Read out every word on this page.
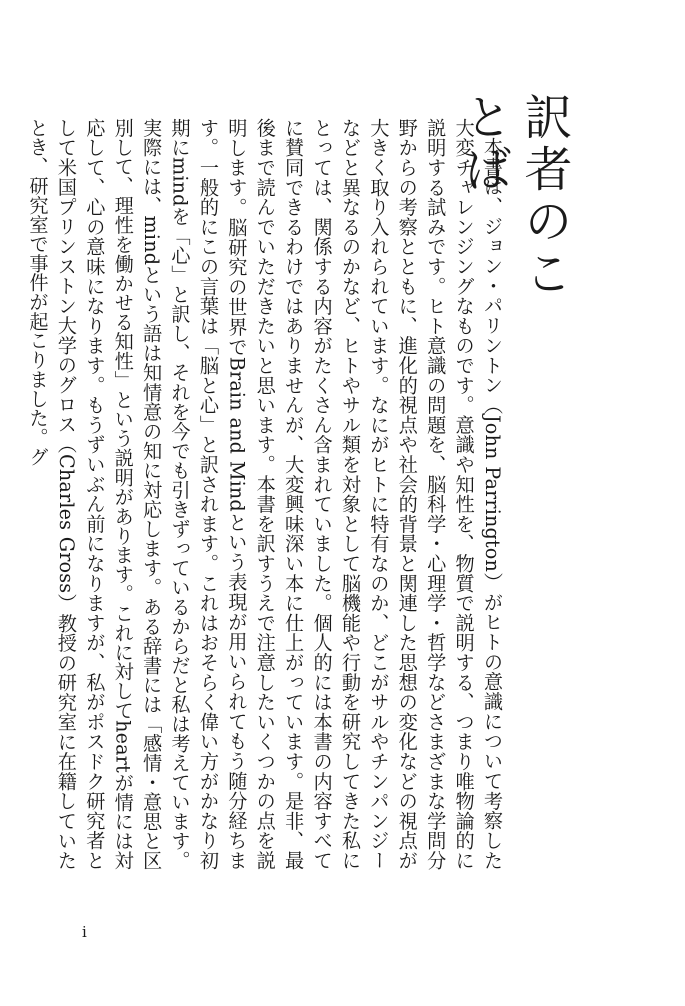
訳者のことば

本書は、ジョン・パリントン（John Parrington）がヒトの意識について考察した大変チャレンジングなものです。意識や知性を、物質で説明する、つまり唯物論的に説明する試みです。ヒト意識の問題を、脳科学・心理学・哲学などさまざまな学問分野からの考察とともに、進化的視点や社会的背景と関連した思想の変化などの視点が大きく取り入れられています。なにがヒトに特有なのか、どこがサルやチンパンジーなどと異なるのかなど、ヒトやサル類を対象として脳機能や行動を研究してきた私にとっては、関係する内容がたくさん含まれていました。個人的には本書の内容すべてに賛同できるわけではありませんが、大変興味深い本に仕上がっています。是非、最後まで読んでいただきたいと思います。本書を訳すうえで注意したいくつかの点を説明します。脳研究の世界でBrain and Mindという表現が用いられてもう随分経ちます。一般的にこの言葉は「脳と心」と訳されます。これはおそらく偉い方がかなり初期にmindを「心」と訳し、それを今でも引きずっているからだと私は考えています。実際には、mindという語は知情意の知に対応します。ある辞書には「感情・意思と区別して、理性を働かせる知性」という説明があります。これに対してheartが情には対応して、心の意味になります。もうずいぶん前になりますが、私がポスドク研究者として米国プリンストン大学のグロス（Charles Gross）教授の研究室に在籍していたとき、研究室で事件が起こりました。グ

i
